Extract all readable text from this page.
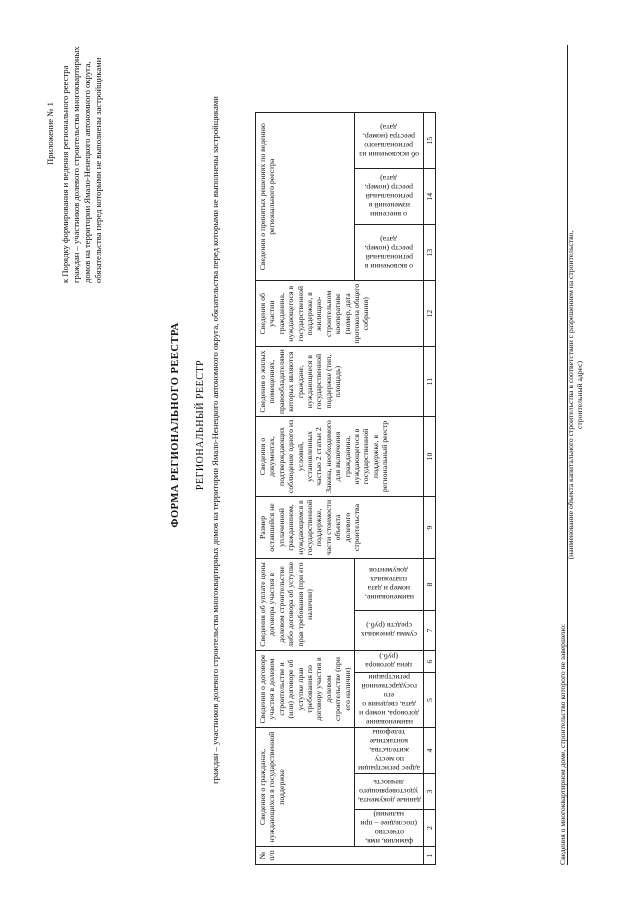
Приложение № 1 к Порядку формирования и ведения регионального реестра граждан – участников долевого строительства многоквартирных домов на территории Ямало-Ненецкого автономного округа, обязательства перед которыми не выполнены застройщиками
ФОРМА РЕГИОНАЛЬНОГО РЕЕСТРА РЕГИОНАЛЬНЫЙ РЕЕСТР граждан – участников долевого строительства многоквартирных домов на территории Ямало-Ненецкого автономного округа, обязательства перед которыми не выполнены застройщиками
№ п/п	Сведения о гражданах, нуждающихся в государственной поддержке			Сведения о договоре участия в долевом строительстве и (или) договоре об уступке прав требования по договору участия в долевом строительстве (при его наличии)		Сведения об уплате цены договора участия в долевом строительстве либо договора об уступке прав требования (при его наличии)		Размер оставшейся не уплаченной гражданином, нуждающимся в государственной поддержке, части стоимости объекта долевого строительства	Сведения о документах, подтверждающих соблюдение одного из условий, установленных частью 2 статьи 2 Закона, необходимого для включения гражданина, нуждающегося в государственной поддержке, в региональный реестр	Сведения о жилых помещениях, правообладателями которых являются граждане, нуждающиеся в государственной поддержке (тип, площадь)	Сведения об участии гражданина, нуждающегося в государственной поддержке, в жилищно-строительном кооперативе (номер, дата протокола общего собрания)	Сведения о принятых решениях по ведению регионального реестра		

	фамилия, имя, отчество (последнее – при наличии)	данные документа, удостоверяющего личность	адрес регистрации по месту жительства, контактные телефоны	наименование договора, номер и дата, сведения о его государственной регистрации	цена договора (руб.)	сумма денежных средств (руб.)	наименование, номер и дата платежных документов					о включении в региональный реестр (номер, дата)	о внесении изменений в региональный реестр (номер, дата)	об исключении из регионального реестра (номер, дата)

1	2	3	4	5	6	7	8	9	10	11	12	13	14	15
Сведения о многоквартирном доме, строительство которого не завершено:
(наименование объекта капитального строительства в соответствии с разрешением на строительство, строительный адрес)
